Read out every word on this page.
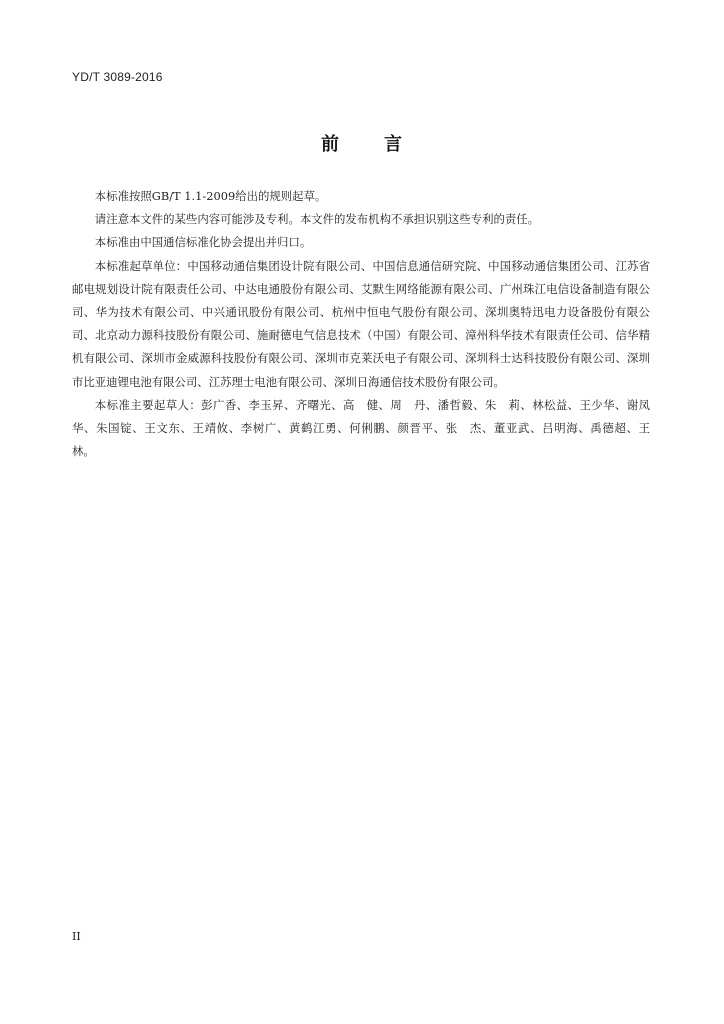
YD/T 3089-2016
前 言

本标准按照GB/T 1.1-2009给出的规则起草。

请注意本文件的某些内容可能涉及专利。本文件的发布机构不承担识别这些专利的责任。

本标准由中国通信标准化协会提出并归口。

本标准起草单位：中国移动通信集团设计院有限公司、中国信息通信研究院、中国移动通信集团公司、江苏省邮电规划设计院有限责任公司、中达电通股份有限公司、艾默生网络能源有限公司、广州珠江电信设备制造有限公司、华为技术有限公司、中兴通讯股份有限公司、杭州中恒电气股份有限公司、深圳奥特迅电力设备股份有限公司、北京动力源科技股份有限公司、施耐德电气信息技术（中国）有限公司、漳州科华技术有限责任公司、信华精机有限公司、深圳市金威源科技股份有限公司、深圳市克莱沃电子有限公司、深圳科士达科技股份有限公司、深圳市比亚迪锂电池有限公司、江苏理士电池有限公司、深圳日海通信技术股份有限公司。

本标准主要起草人：彭广香、李玉昇、齐曙光、高　健、周　丹、潘哲毅、朱　莉、林松益、王少华、谢凤华、朱国锭、王文东、王靖攸、李树广、黄鹤江勇、何俐鹏、颜晋平、张　杰、董亚武、吕明海、禹德超、王　林。

II
